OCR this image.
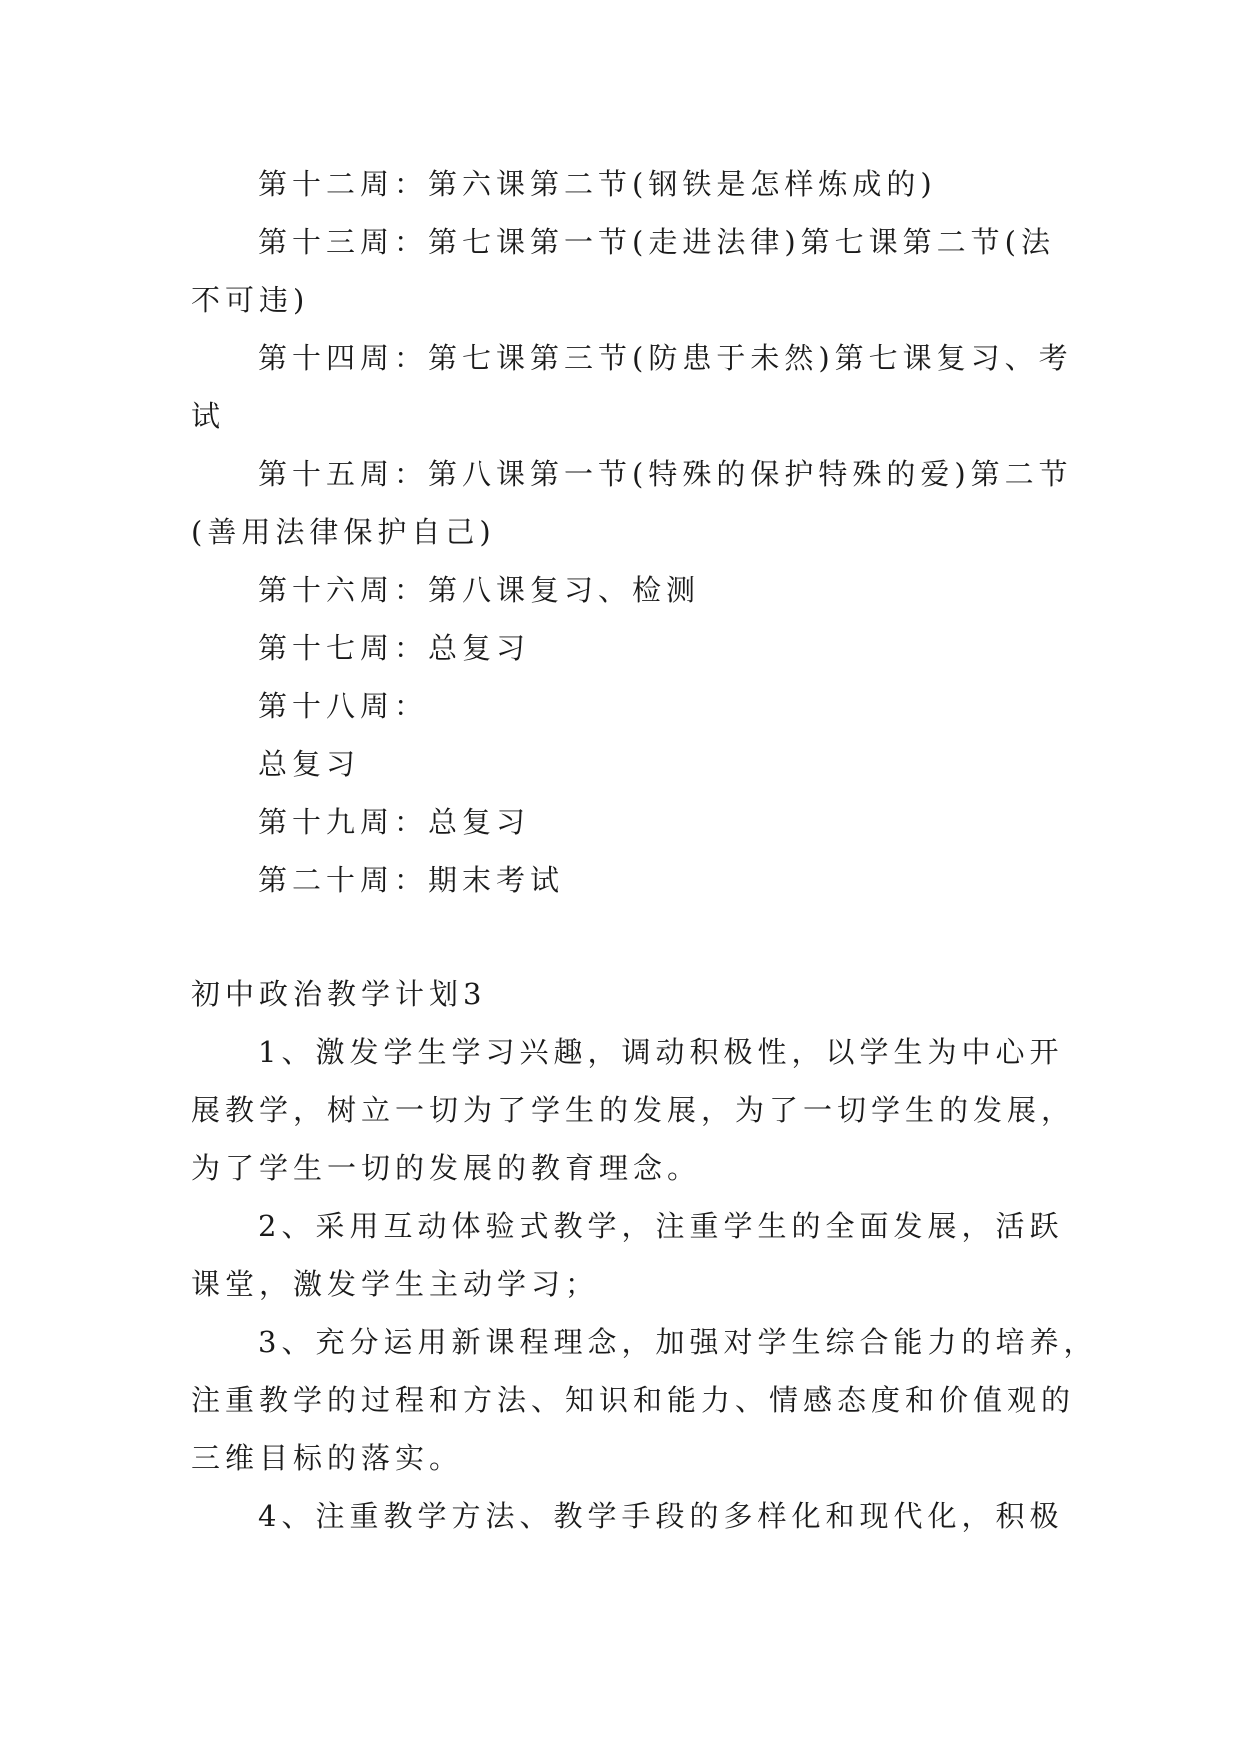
第十二周：第六课第二节(钢铁是怎样炼成的)
第十三周：第七课第一节(走进法律)第七课第二节(法
不可违)
第十四周：第七课第三节(防患于未然)第七课复习、考
试
第十五周：第八课第一节(特殊的保护特殊的爱)第二节
(善用法律保护自己)
第十六周：第八课复习、检测
第十七周：总复习
第十八周：
总复习
第十九周：总复习
第二十周：期末考试
初中政治教学计划3
1、激发学生学习兴趣，调动积极性，以学生为中心开
展教学，树立一切为了学生的发展，为了一切学生的发展，
为了学生一切的发展的教育理念。
2、采用互动体验式教学，注重学生的全面发展，活跃
课堂，激发学生主动学习；
3、充分运用新课程理念，加强对学生综合能力的培养，
注重教学的过程和方法、知识和能力、情感态度和价值观的
三维目标的落实。
4、注重教学方法、教学手段的多样化和现代化，积极
